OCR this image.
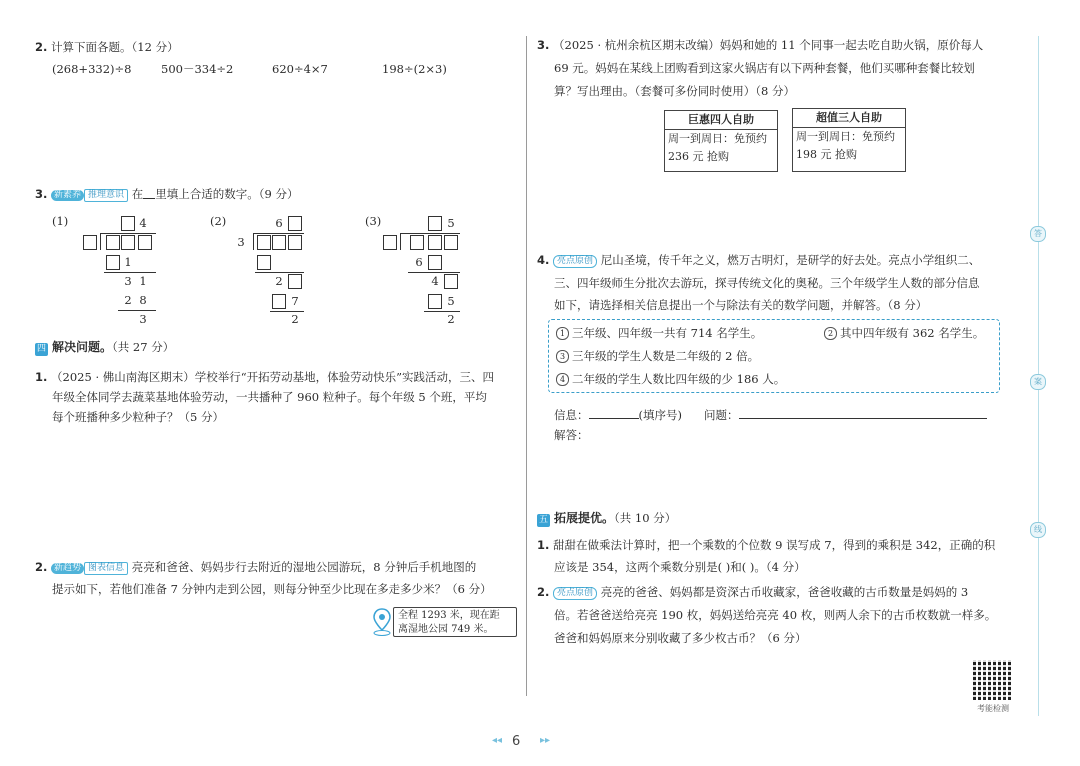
2. 计算下面各题。（12 分）
(268+332)÷8	500－334÷2	620÷4×7	198÷(2×3)
3. 新素养 推理意识 在 里填上合适的数字。（9 分）
(1)	4
1
3 1
2 8
3
(2)	6
3
2
7
2
(3)	5
6
4
5
2
四 解决问题。（共 27 分）
1. （2025 · 佛山南海区期末）学校举行“开拓劳动基地，体验劳动快乐”实践活动，三、四
年级全体同学去蔬菜基地体验劳动，一共播种了 960 粒种子。每个年级 5 个班，平均
每个班播种多少粒种子？（5 分）
2. 新趋势 图表信息 亮亮和爸爸、妈妈步行去附近的湿地公园游玩，8 分钟后手机地图的
提示如下，若他们准备 7 分钟内走到公园，则每分钟至少比现在多走多少米？（6 分）
全程 1293 米，现在距
离湿地公园 749 米。
3. （2025 · 杭州余杭区期末改编）妈妈和她的 11 个同事一起去吃自助火锅，原价每人
69 元。妈妈在某线上团购看到这家火锅店有以下两种套餐，他们买哪种套餐比较划
算？写出理由。（套餐可多份同时使用）（8 分）
巨惠四人自助
周一到周日：免预约
236 元 抢购
超值三人自助
周一到周日：免预约
198 元 抢购
4. 亮点原创 尼山圣境，传千年之义，燃万古明灯，是研学的好去处。亮点小学组织二、
三、四年级师生分批次去游玩，探寻传统文化的奥秘。三个年级学生人数的部分信息
如下，请选择相关信息提出一个与除法有关的数学问题，并解答。（8 分）
1 三年级、四年级一共有 714 名学生。	2 其中四年级有 362 名学生。
3 三年级的学生人数是二年级的 2 倍。
4 二年级的学生人数比四年级的少 186 人。
信息：	(填序号) 问题：
解答：
五 拓展提优。（共 10 分）
1. 甜甜在做乘法计算时，把一个乘数的个位数 9 误写成 7，得到的乘积是 342，正确的积
应该是 354，这两个乘数分别是( )和( )。（4 分）
2. 亮点原创 亮亮的爸爸、妈妈都是资深古币收藏家，爸爸收藏的古币数量是妈妈的 3
倍。若爸爸送给亮亮 190 枚，妈妈送给亮亮 40 枚，则两人余下的古币枚数就一样多。
爸爸和妈妈原来分别收藏了多少枚古币？（6 分）
考能检测
答
案
线
◂◂ 6 ▸▸
